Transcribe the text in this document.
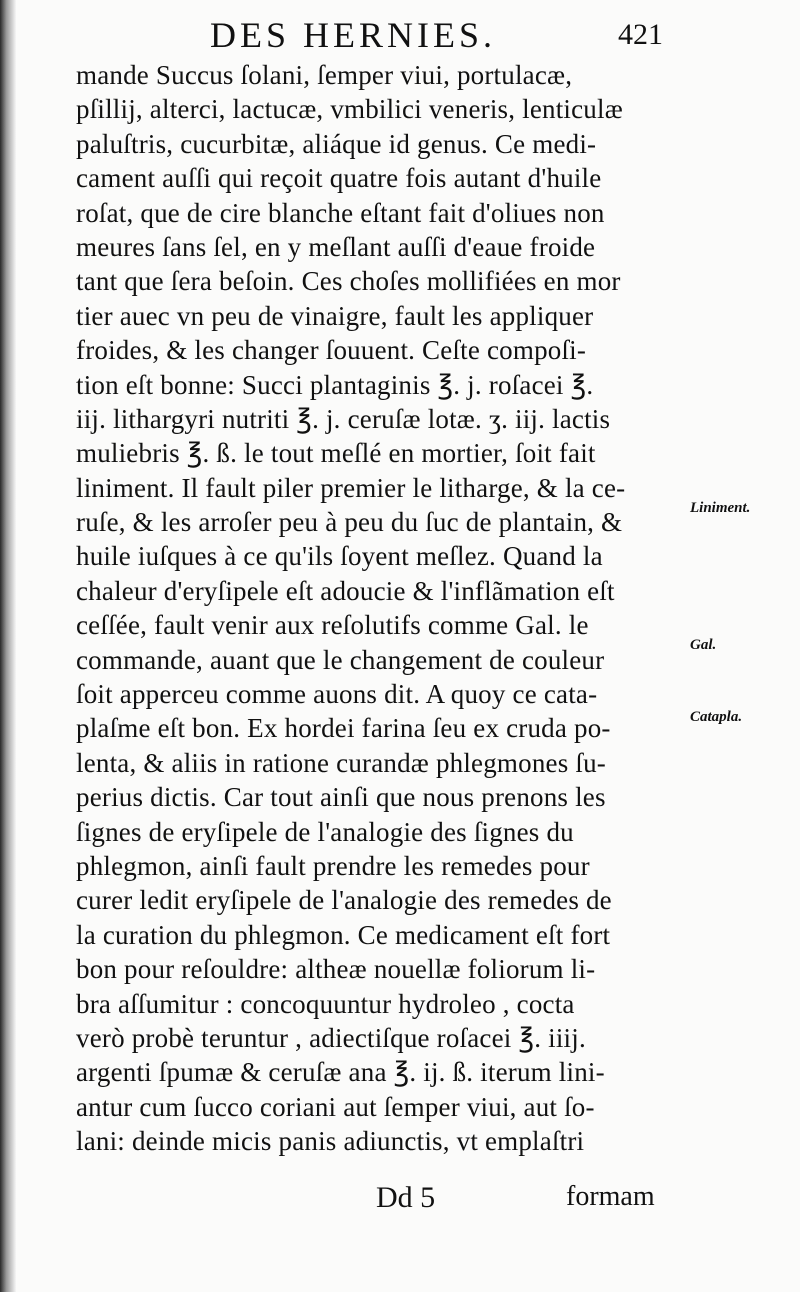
DES HERNIES.	421
mande Succus ſolani, ſemper viui, portulacæ,
pſillij, alterci, lactucæ, vmbilici veneris, lenticulæ
paluſtris, cucurbitæ, aliáque id genus. Ce medi-
cament auſſi qui reçoit quatre fois autant d'huile
roſat, que de cire blanche eſtant fait d'oliues non
meures ſans ſel, en y meſlant auſſi d'eaue froide
tant que ſera beſoin. Ces choſes mollifiées en mor
tier auec vn peu de vinaigre, fault les appliquer
froides, & les changer ſouuent. Ceſte compoſi-
tion eſt bonne: Succi plantaginis ℥. j. roſacei ℥.
iij. lithargyri nutriti ℥. j. ceruſæ lotæ. ʒ. iij. lactis
muliebris ℥. ß. le tout meſlé en mortier, ſoit fait
liniment. Il fault piler premier le litharge, & la ce-
ruſe, & les arroſer peu à peu du ſuc de plantain, &
huile iuſques à ce qu'ils ſoyent meſlez. Quand la
chaleur d'eryſipele eſt adoucie & l'inflãmation eſt
ceſſée, fault venir aux reſolutifs comme Gal. le
commande, auant que le changement de couleur
ſoit apperceu comme auons dit. A quoy ce cata-
plaſme eſt bon. Ex hordei farina ſeu ex cruda po-
lenta, & aliis in ratione curandæ phlegmones ſu-
perius dictis. Car tout ainſi que nous prenons les
ſignes de eryſipele de l'analogie des ſignes du
phlegmon, ainſi fault prendre les remedes pour
curer ledit eryſipele de l'analogie des remedes de
la curation du phlegmon. Ce medicament eſt fort
bon pour reſouldre: altheæ nouellæ foliorum li-
bra aſſumitur : concoquuntur hydroleo , cocta
verò probè teruntur , adiectiſque roſacei ℥. iiij.
argenti ſpumæ & ceruſæ ana ℥. ij. ß. iterum lini-
antur cum ſucco coriani aut ſemper viui, aut ſo-
lani: deinde micis panis adiunctis, vt emplaſtri
Liniment.
Gal.
Catapla.
Dd 5	formam
